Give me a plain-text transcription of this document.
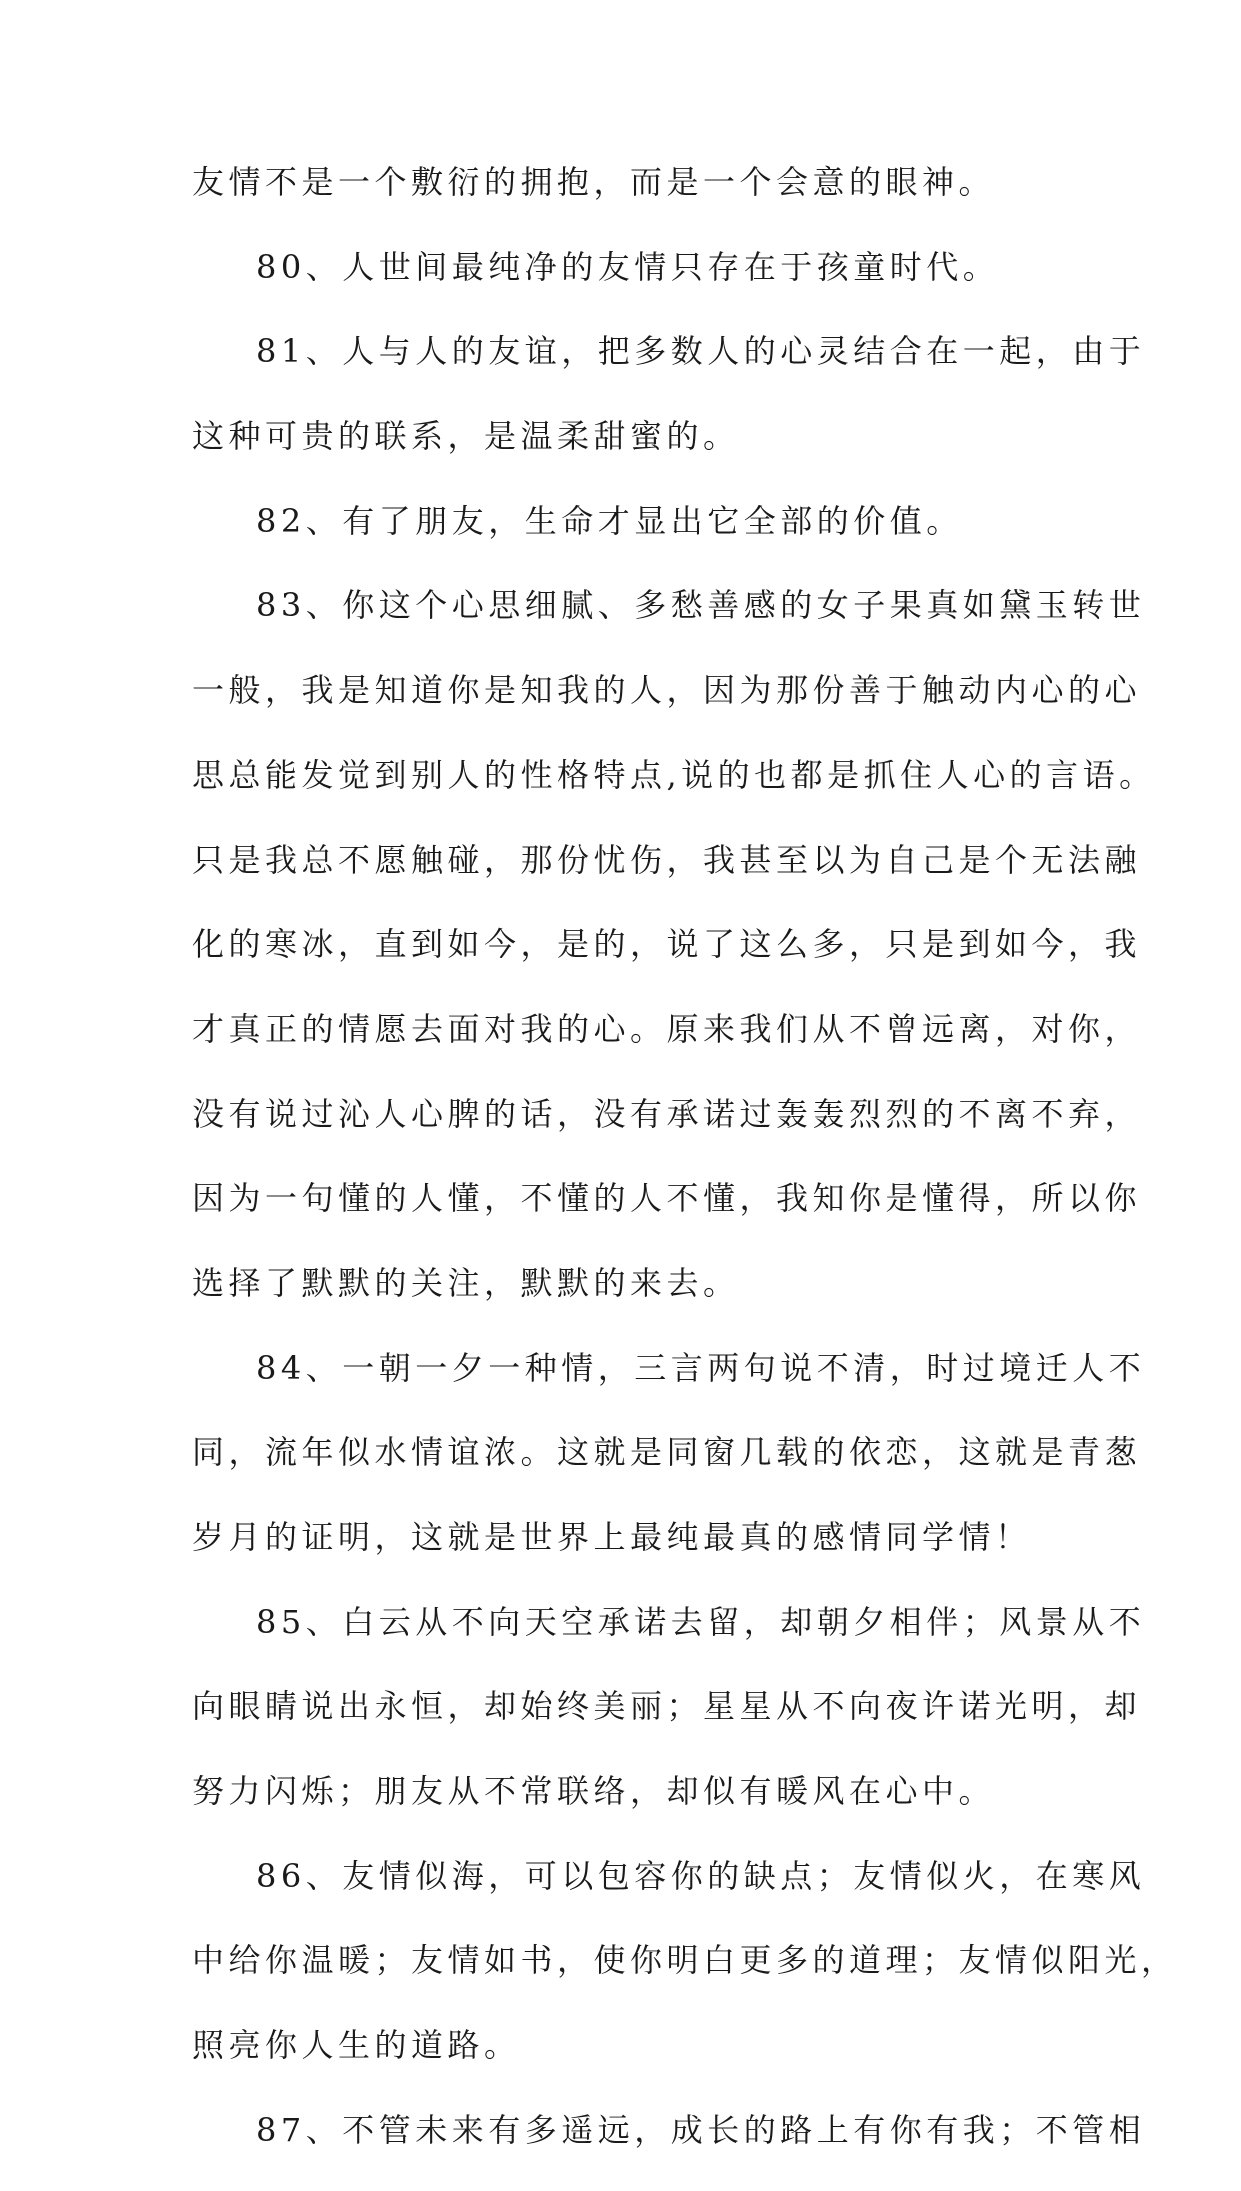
友情不是一个敷衍的拥抱，而是一个会意的眼神。
80、人世间最纯净的友情只存在于孩童时代。
81、人与人的友谊，把多数人的心灵结合在一起，由于
这种可贵的联系，是温柔甜蜜的。
82、有了朋友，生命才显出它全部的价值。
83、你这个心思细腻、多愁善感的女子果真如黛玉转世
一般，我是知道你是知我的人，因为那份善于触动内心的心
思总能发觉到别人的性格特点,说的也都是抓住人心的言语。
只是我总不愿触碰，那份忧伤，我甚至以为自己是个无法融
化的寒冰，直到如今，是的，说了这么多，只是到如今，我
才真正的情愿去面对我的心。原来我们从不曾远离，对你，
没有说过沁人心脾的话，没有承诺过轰轰烈烈的不离不弃，
因为一句懂的人懂，不懂的人不懂，我知你是懂得，所以你
选择了默默的关注，默默的来去。
84、一朝一夕一种情，三言两句说不清，时过境迁人不
同，流年似水情谊浓。这就是同窗几载的依恋，这就是青葱
岁月的证明，这就是世界上最纯最真的感情同学情！
85、白云从不向天空承诺去留，却朝夕相伴；风景从不
向眼睛说出永恒，却始终美丽；星星从不向夜许诺光明，却
努力闪烁；朋友从不常联络，却似有暖风在心中。
86、友情似海，可以包容你的缺点；友情似火，在寒风
中给你温暖；友情如书，使你明白更多的道理；友情似阳光，
照亮你人生的道路。
87、不管未来有多遥远，成长的路上有你有我；不管相
